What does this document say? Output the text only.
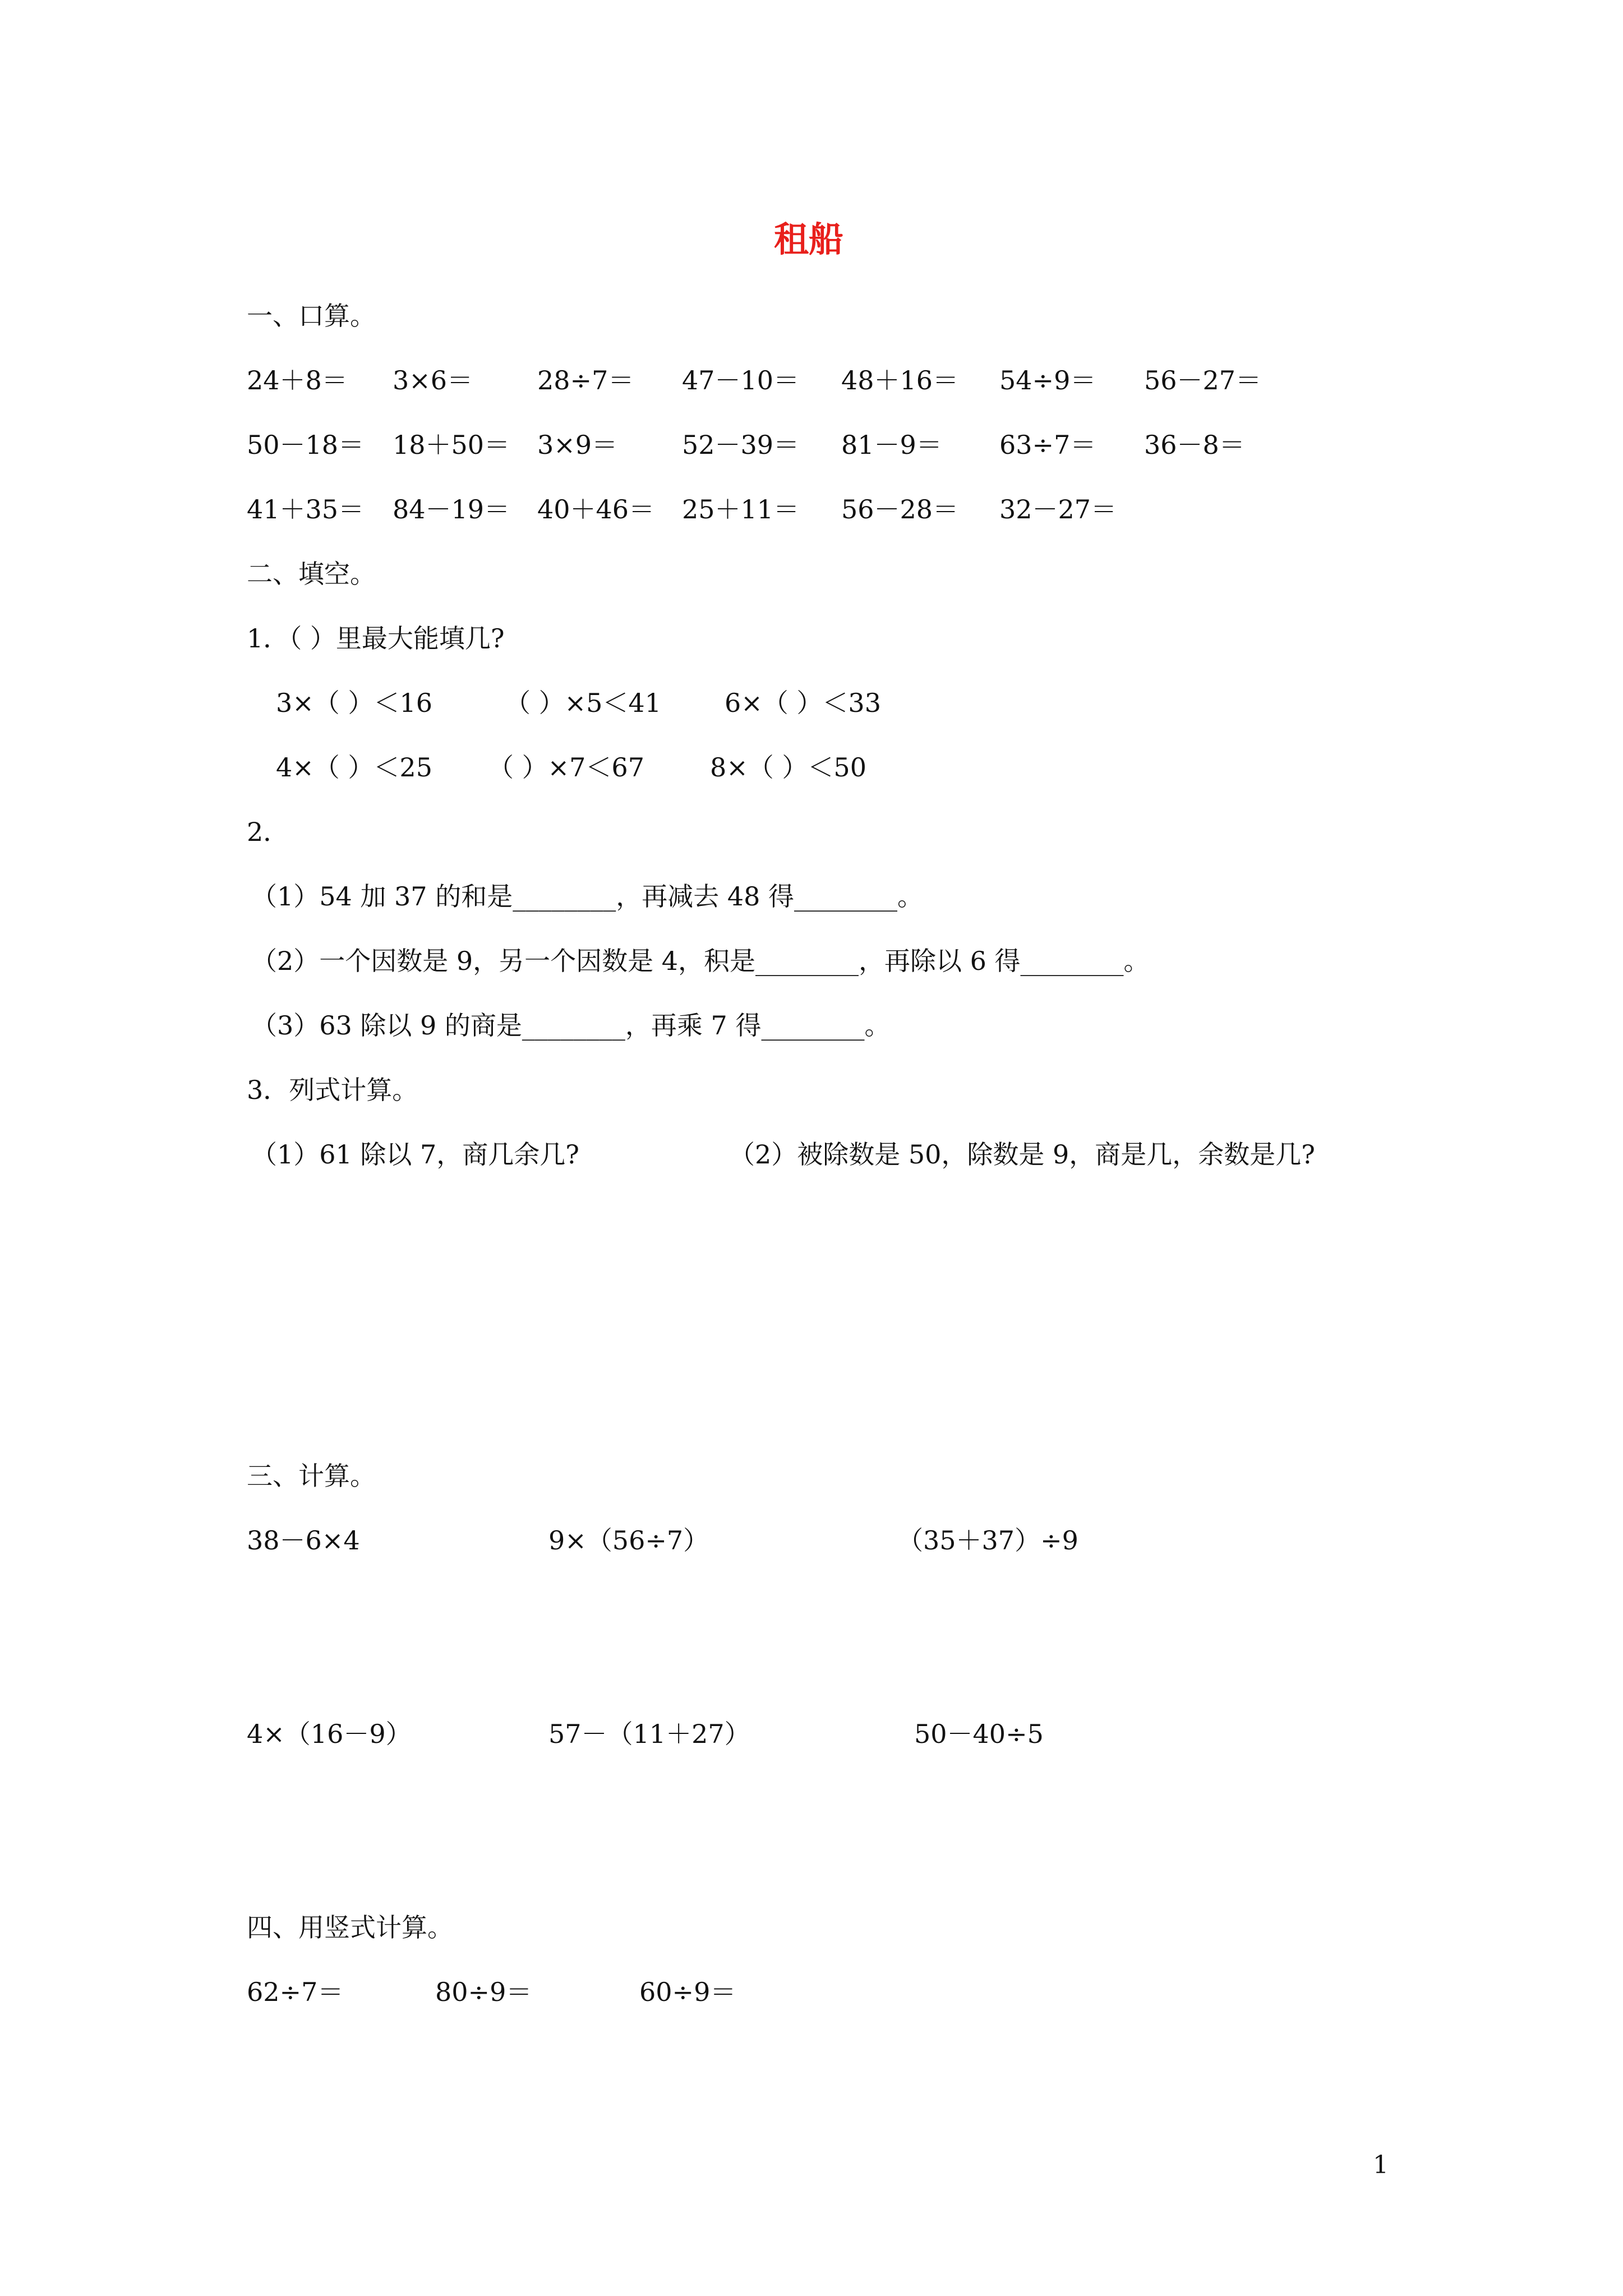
租船
一、口算。
24＋8＝ 3×6＝ 28÷7＝ 47－10＝ 48＋16＝ 54÷9＝ 56－27＝
50－18＝ 18＋50＝ 3×9＝ 52－39＝ 81－9＝ 63÷7＝ 36－8＝
41＋35＝ 84－19＝ 40＋46＝ 25＋11＝ 56－28＝ 32－27＝
二、填空。
1．（ ）里最大能填几?
3×（ ）＜16	（ ）×5＜41 6×（ ）＜33
4×（ ）＜25 （ ）×7＜67	8×（ ）＜50
2．
（1）54 加 37 的和是________，再减去 48 得________。
（2）一个因数是 9，另一个因数是 4，积是________，再除以 6 得________。
（3）63 除以 9 的商是________，再乘 7 得________。
3．列式计算。
（1）61 除以 7，商几余几?	（2）被除数是 50，除数是 9，商是几，余数是几?
三、计算。
38－6×4	9×（56÷7）	（35＋37）÷9
4×（16－9）	57－（11＋27）	50－40÷5
四、用竖式计算。
62÷7＝	80÷9＝	60÷9＝
1
